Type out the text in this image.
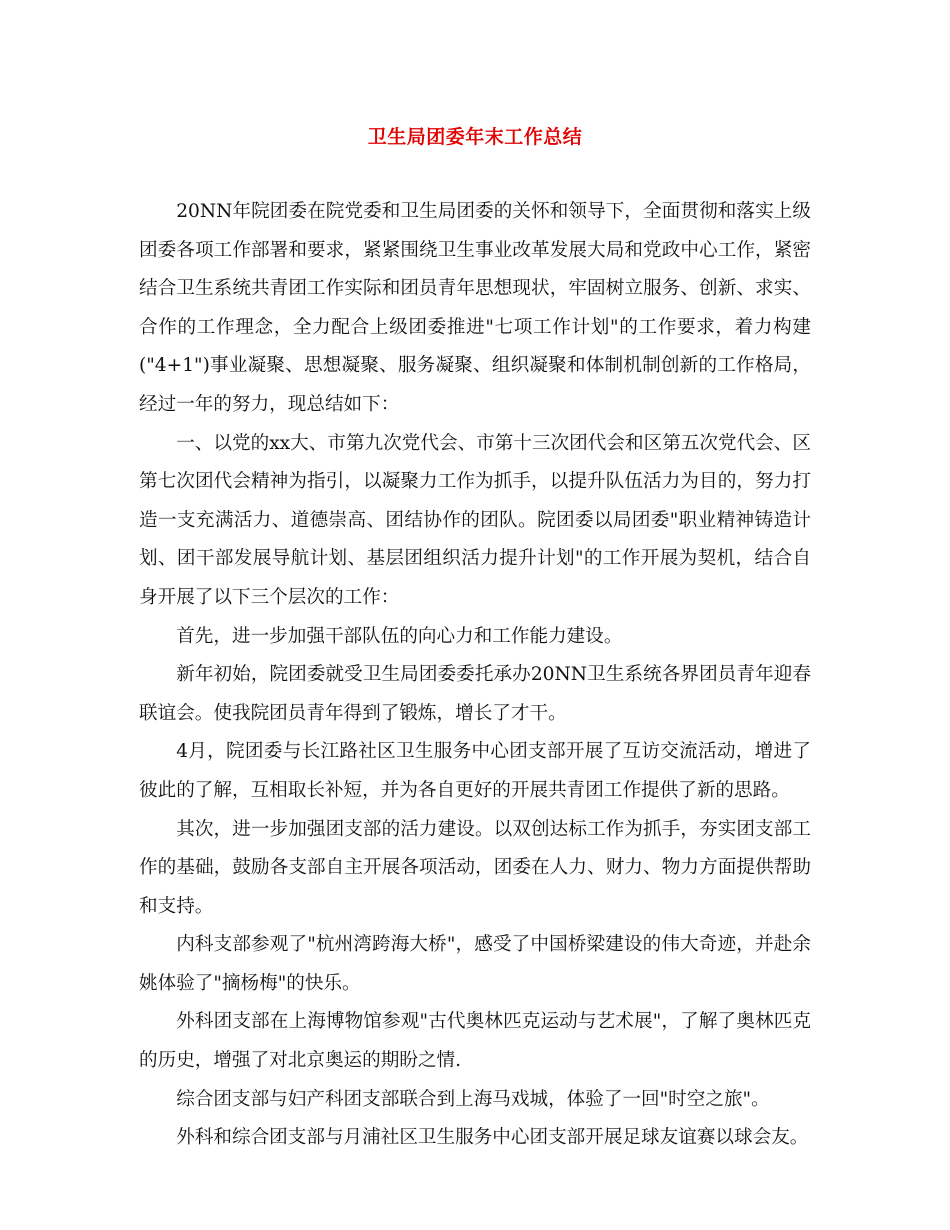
卫生局团委年末工作总结

20NN年院团委在院党委和卫生局团委的关怀和领导下，全面贯彻和落实上级团委各项工作部署和要求，紧紧围绕卫生事业改革发展大局和党政中心工作，紧密结合卫生系统共青团工作实际和团员青年思想现状，牢固树立服务、创新、求实、合作的工作理念，全力配合上级团委推进"七项工作计划"的工作要求，着力构建("4+1")事业凝聚、思想凝聚、服务凝聚、组织凝聚和体制机制创新的工作格局，经过一年的努力，现总结如下：

一、以党的xx大、市第九次党代会、市第十三次团代会和区第五次党代会、区第七次团代会精神为指引，以凝聚力工作为抓手，以提升队伍活力为目的，努力打造一支充满活力、道德崇高、团结协作的团队。院团委以局团委"职业精神铸造计划、团干部发展导航计划、基层团组织活力提升计划"的工作开展为契机，结合自身开展了以下三个层次的工作：

首先，进一步加强干部队伍的向心力和工作能力建设。

新年初始，院团委就受卫生局团委委托承办20NN卫生系统各界团员青年迎春联谊会。使我院团员青年得到了锻炼，增长了才干。

4月，院团委与长江路社区卫生服务中心团支部开展了互访交流活动，增进了彼此的了解，互相取长补短，并为各自更好的开展共青团工作提供了新的思路。

其次，进一步加强团支部的活力建设。以双创达标工作为抓手，夯实团支部工作的基础，鼓励各支部自主开展各项活动，团委在人力、财力、物力方面提供帮助和支持。

内科支部参观了"杭州湾跨海大桥"，感受了中国桥梁建设的伟大奇迹，并赴余姚体验了"摘杨梅"的快乐。

外科团支部在上海博物馆参观"古代奥林匹克运动与艺术展"，了解了奥林匹克的历史，增强了对北京奥运的期盼之情.

综合团支部与妇产科团支部联合到上海马戏城，体验了一回"时空之旅"。

外科和综合团支部与月浦社区卫生服务中心团支部开展足球友谊赛以球会友。
